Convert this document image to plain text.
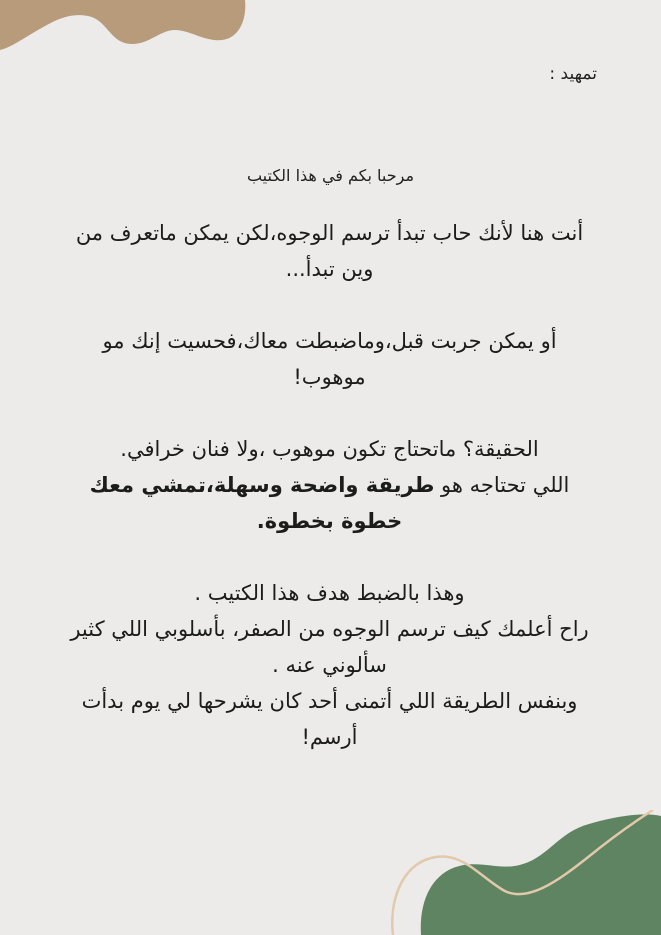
تمهيد :
مرحبا بكم في هذا الكتيب

أنت هنا لأنك حاب تبدأ ترسم الوجوه،لكن يمكن ماتعرف من وين تبدأ...

أو يمكن جربت قبل،وماضبطت معاك،فحسيت إنك مو موهوب!

الحقيقة؟ ماتحتاج تكون موهوب ،ولا فنان خرافي.
اللي تحتاجه هو طريقة واضحة وسهلة،تمشي معك خطوة بخطوة.

وهذا بالضبط هدف هذا الكتيب .
راح أعلمك كيف ترسم الوجوه من الصفر، بأسلوبي اللي كثير سألوني عنه .
وبنفس الطريقة اللي أتمنى أحد كان يشرحها لي يوم بدأت أرسم!
